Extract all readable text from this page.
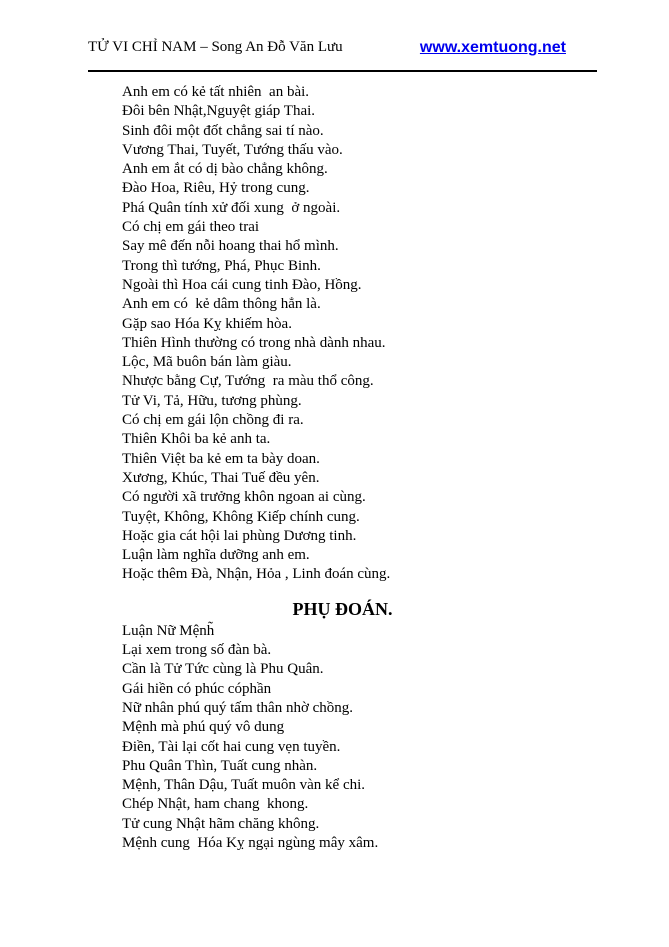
TỬ VI CHỈ NAM – Song An Đỗ Văn Lưu	www.xemtuong.net
Anh em có kẻ tất nhiên  an bài.
Đôi bên Nhật,Nguyệt giáp Thai.
Sinh đôi một đốt chẳng sai tí nào.
Vương Thai, Tuyết, Tướng thấu vào.
Anh em ắt có dị bào chẳng không.
Đào Hoa, Riêu, Hỷ trong cung.
Phá Quân tính xử đối xung  ở ngoài.
Có chị em gái theo trai
Say mê đến nỗi hoang thai hổ mình.
Trong thì tướng, Phá, Phục Binh.
Ngoài thì Hoa cái cung tinh Đào, Hồng.
Anh em có  kẻ dâm thông hẳn là.
Gặp sao Hóa Kỵ khiếm hòa.
Thiên Hình thường có trong nhà dành nhau.
Lộc, Mã buôn bán làm giàu.
Nhược bằng Cự, Tướng  ra màu thổ công.
Tử Vi, Tả, Hữu, tương phùng.
Có chị em gái lộn chồng đi ra.
Thiên Khôi ba kẻ anh ta.
Thiên Việt ba kẻ em ta bày doan.
Xương, Khúc, Thai Tuế đều yên.
Có người xã trưởng khôn ngoan ai cùng.
Tuyệt, Không, Không Kiếp chính cung.
Hoặc gia cát hội lai phùng Dương tinh.
Luận làm nghĩa dưỡng anh em.
Hoặc thêm Đà, Nhận, Hỏa , Linh đoán cùng.
PHỤ ĐOÁN.
Luận Nữ Mệnh̃
Lại xem trong số đàn bà.
Cần là Tử Tức cùng là Phu Quân.
Gái hiền có phúc cóphần
Nữ nhân phú quý tấm thân nhờ chồng.
Mệnh mà phú quý vô dung
Điền, Tài lại cốt hai cung vẹn tuyền.
Phu Quân Thìn, Tuất cung nhàn.
Mệnh, Thân Dậu, Tuất muôn vàn kể chi.
Chép Nhật, ham chang  khong.
Tử cung Nhật hãm chăng không.
Mệnh cung  Hóa Kỵ ngại ngùng mây xâm.
